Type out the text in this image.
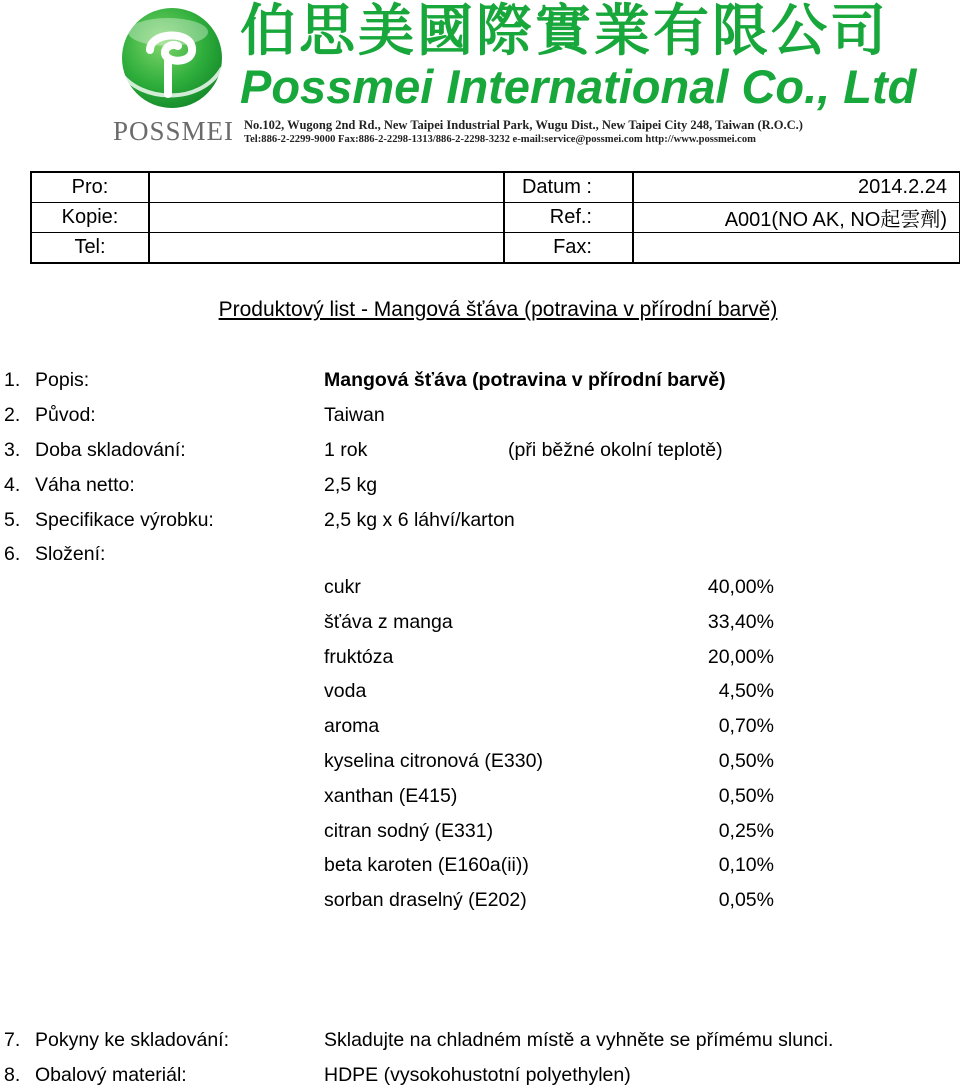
POSSMEI
伯思美國際實業有限公司
Possmei International Co., Ltd
No.102, Wugong 2nd Rd., New Taipei Industrial Park, Wugu Dist., New Taipei City 248, Taiwan (R.O.C.)
Tel:886-2-2299-9000 Fax:886-2-2298-1313/886-2-2298-3232 e-mail:service@possmei.com http://www.possmei.com
Pro:		Datum :	2014.2.24
Kopie:		Ref.:	A001(NO AK, NO起雲劑)
Tel:		Fax:	
Produktový list - Mangová šťáva (potravina v přírodní barvě)
1. Popis:	Mangová šťáva (potravina v přírodní barvě)
2. Původ:	Taiwan
3. Doba skladování:	1 rok	(při běžné okolní teplotě)
4. Váha netto:	2,5 kg
5. Specifikace výrobku:	2,5 kg x 6 láhví/karton
6. Složení:
cukr	40,00%
šťáva z manga	33,40%
fruktóza	20,00%
voda	4,50%
aroma	0,70%
kyselina citronová (E330)	0,50%
xanthan (E415)	0,50%
citran sodný (E331)	0,25%
beta karoten (E160a(ii))	0,10%
sorban draselný (E202)	0,05%
7. Pokyny ke skladování:	Skladujte na chladném místě a vyhněte se přímému slunci.
8. Obalový materiál:	HDPE (vysokohustotní polyethylen)
